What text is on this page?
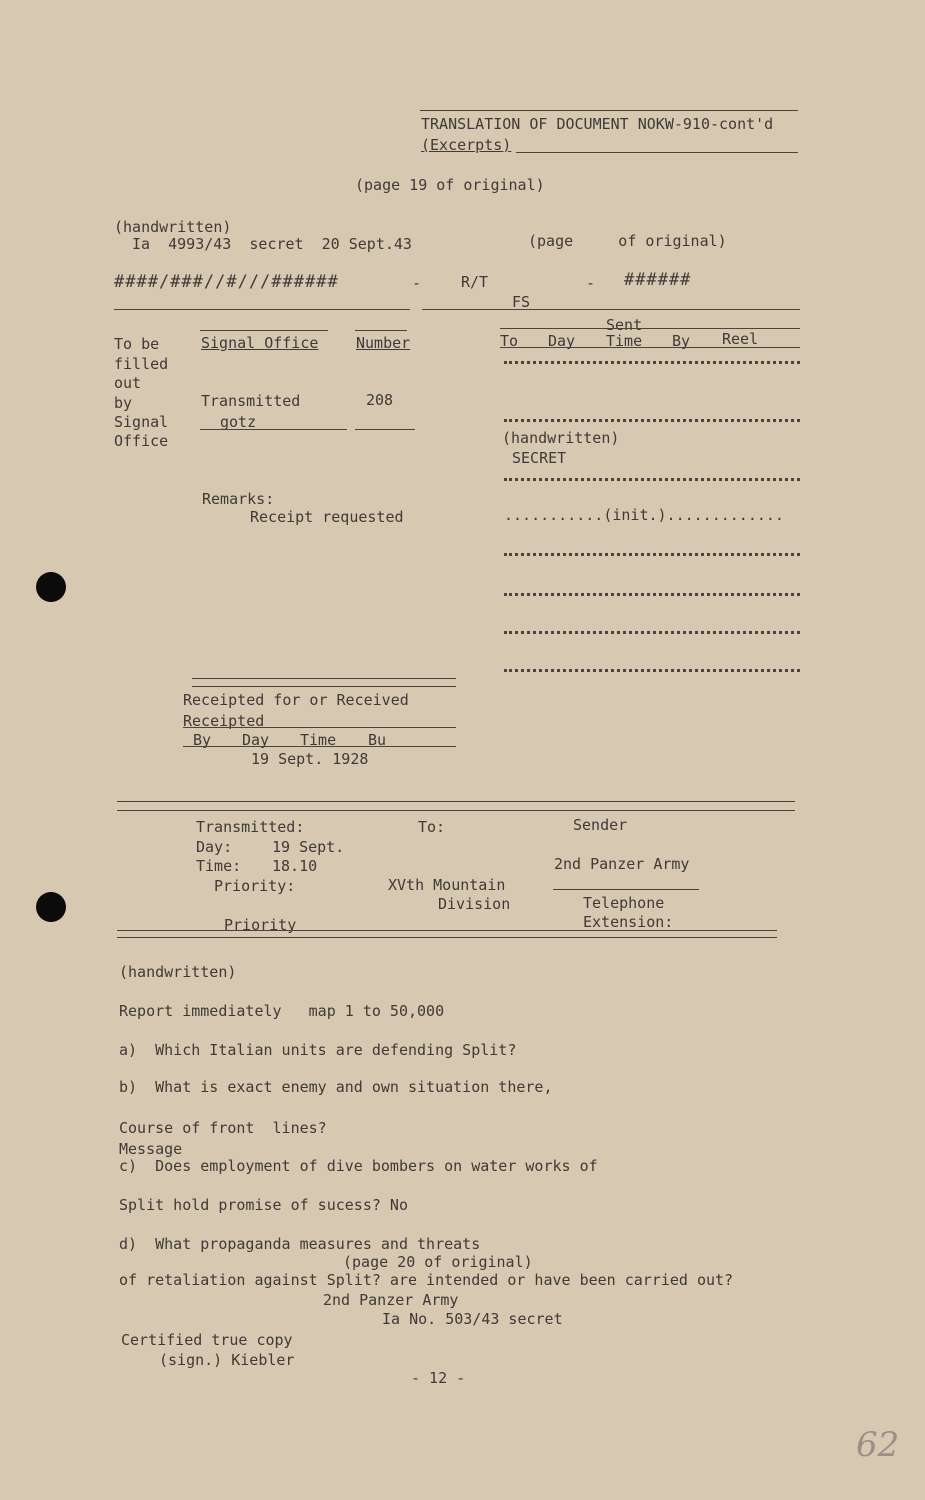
TRANSLATION OF DOCUMENT NOKW-910-cont'd
(Excerpts)
(page 19 of original)
(handwritten)
Ia  4993/43  secret  20 Sept.43	(page     of original)
####/###//#///######	-	R/T	- ######
FS
To be
filled
out
by
Signal
Office
Signal Office	Number
Transmitted	208
gotz
Remarks:
Receipt requested
Sent
To Day Time By Reel
(handwritten)
SECRET
...........(init.).............
Receipted for or Received
Receipted
By Day Time Bu
19 Sept. 1928
Transmitted:	To:	Sender
Day:	19 Sept.
Time: 18.10	2nd Panzer Army
Priority:	XVth Mountain
Division	Telephone
Extension:
Priority
(handwritten)
Report immediately   map 1 to 50,000
a)  Which Italian units are defending Split?
b)  What is exact enemy and own situation there,
Course of front  lines?
Message
c)  Does employment of dive bombers on water works of
Split hold promise of sucess? No
d)  What propaganda measures and threats
(page 20 of original)
of retaliation against Split? are intended or have been carried out?
2nd Panzer Army
Ia No. 503/43 secret
Certified true copy
(sign.) Kiebler
- 12 -
62
